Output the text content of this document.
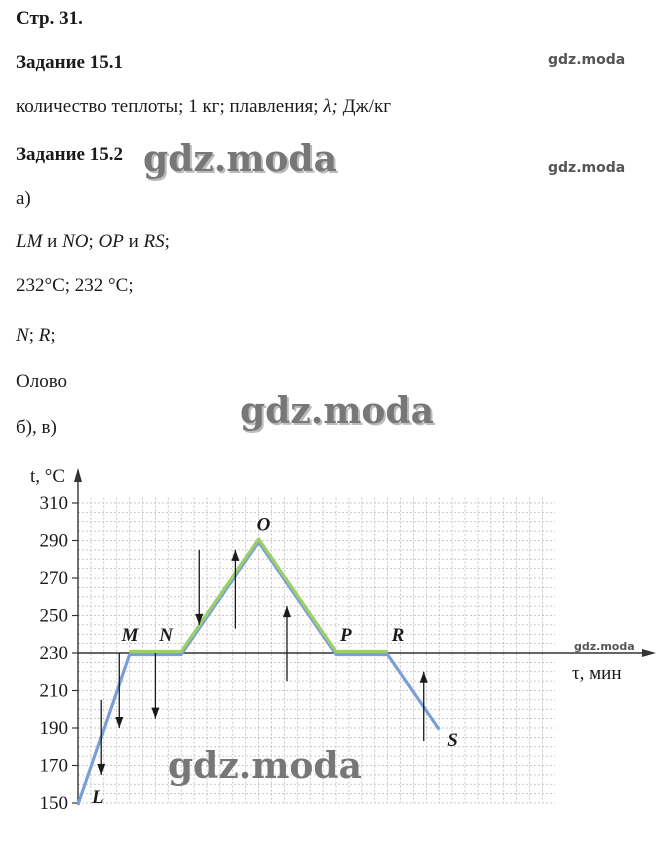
Стр. 31.
Задание 15.1
количество теплоты; 1 кг; плавления; λ; Дж/кг
Задание 15.2
а)
LM и NO; OP и RS;
232°С; 232 °С;
N; R;
Олово
б), в)
gdz.moda
gdz.moda
gdz.moda
gdz.moda
150
170
190
210
230
250
270
290
310
L
M N
O
P R
S
t, °C
τ, мин
gdz.moda
gdz.moda
